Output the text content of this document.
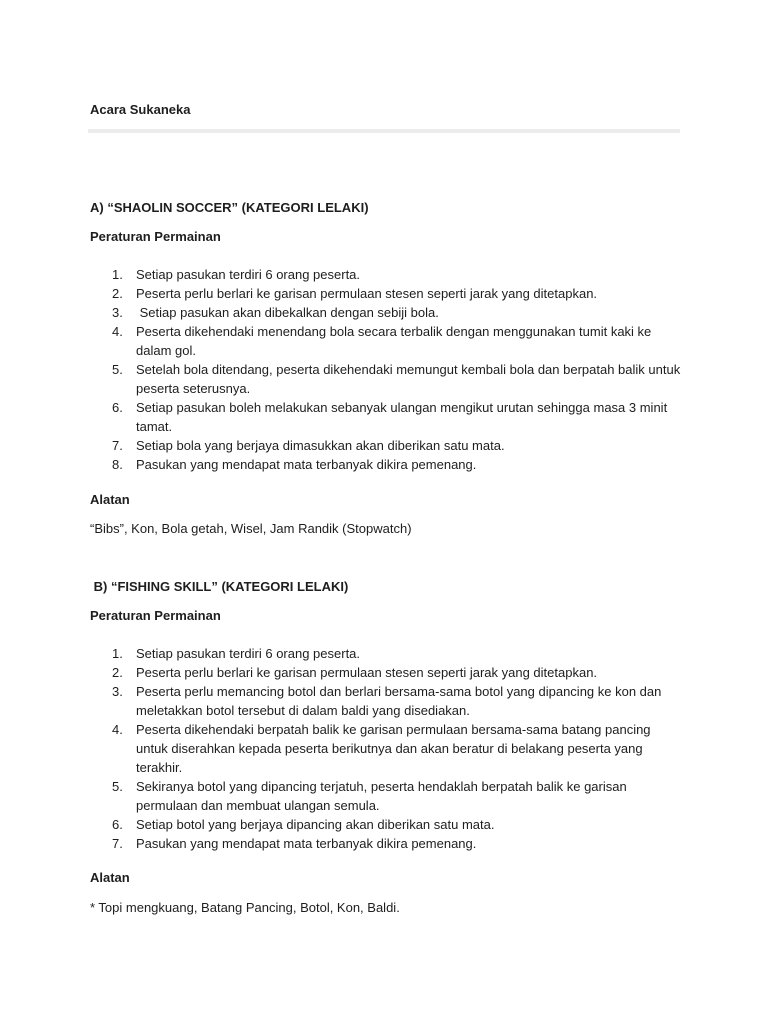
Acara Sukaneka
A) “SHAOLIN SOCCER” (KATEGORI LELAKI)
Peraturan Permainan
1. Setiap pasukan terdiri 6 orang peserta.
2. Peserta perlu berlari ke garisan permulaan stesen seperti jarak yang ditetapkan.
3. Setiap pasukan akan dibekalkan dengan sebiji bola.
4. Peserta dikehendaki menendang bola secara terbalik dengan menggunakan tumit kaki ke dalam gol.
5. Setelah bola ditendang, peserta dikehendaki memungut kembali bola dan berpatah balik untuk peserta seterusnya.
6. Setiap pasukan boleh melakukan sebanyak ulangan mengikut urutan sehingga masa 3 minit tamat.
7. Setiap bola yang berjaya dimasukkan akan diberikan satu mata.
8. Pasukan yang mendapat mata terbanyak dikira pemenang.
Alatan
“Bibs”, Kon, Bola getah, Wisel, Jam Randik (Stopwatch)
B) “FISHING SKILL” (KATEGORI LELAKI)
Peraturan Permainan
1. Setiap pasukan terdiri 6 orang peserta.
2. Peserta perlu berlari ke garisan permulaan stesen seperti jarak yang ditetapkan.
3. Peserta perlu memancing botol dan berlari bersama-sama botol yang dipancing ke kon dan meletakkan botol tersebut di dalam baldi yang disediakan.
4. Peserta dikehendaki berpatah balik ke garisan permulaan bersama-sama batang pancing untuk diserahkan kepada peserta berikutnya dan akan beratur di belakang peserta yang terakhir.
5. Sekiranya botol yang dipancing terjatuh, peserta hendaklah berpatah balik ke garisan permulaan dan membuat ulangan semula.
6. Setiap botol yang berjaya dipancing akan diberikan satu mata.
7. Pasukan yang mendapat mata terbanyak dikira pemenang.
Alatan
* Topi mengkuang, Batang Pancing, Botol, Kon, Baldi.
